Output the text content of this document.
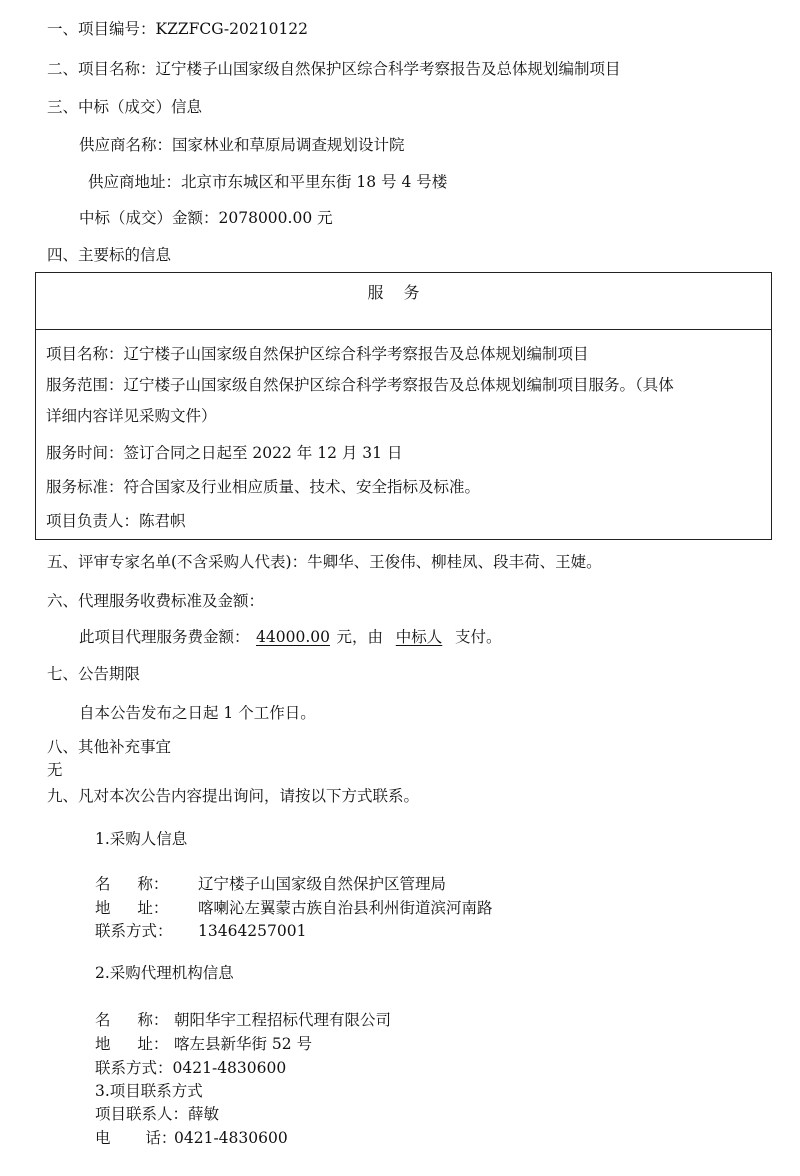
一、项目编号：KZZFCG-20210122
二、项目名称：辽宁楼子山国家级自然保护区综合科学考察报告及总体规划编制项目
三、中标（成交）信息
供应商名称：国家林业和草原局调查规划设计院
供应商地址：北京市东城区和平里东街 18 号 4 号楼
中标（成交）金额：2078000.00 元
四、主要标的信息
服务
项目名称：辽宁楼子山国家级自然保护区综合科学考察报告及总体规划编制项目
服务范围：辽宁楼子山国家级自然保护区综合科学考察报告及总体规划编制项目服务。（具体
详细内容详见采购文件）
服务时间：签订合同之日起至 2022 年 12 月 31 日
服务标准：符合国家及行业相应质量、技术、安全指标及标准。
项目负责人：陈君帜
五、评审专家名单(不含采购人代表)：牛卿华、王俊伟、柳桂凤、段丰荷、王婕。
六、代理服务收费标准及金额：
此项目代理服务费金额： 44000.00 元，由 中标人 支付。
七、公告期限
自本公告发布之日起 1 个工作日。
八、其他补充事宜
无
九、凡对本次公告内容提出询问，请按以下方式联系。
1.采购人信息
名 称： 辽宁楼子山国家级自然保护区管理局
地 址： 喀喇沁左翼蒙古族自治县利州街道滨河南路
联系方式： 13464257001
2.采购代理机构信息
名 称： 朝阳华宇工程招标代理有限公司
地 址： 喀左县新华街 52 号
联系方式：0421-4830600
3.项目联系方式
项目联系人：薛敏
电 话：0421-4830600
